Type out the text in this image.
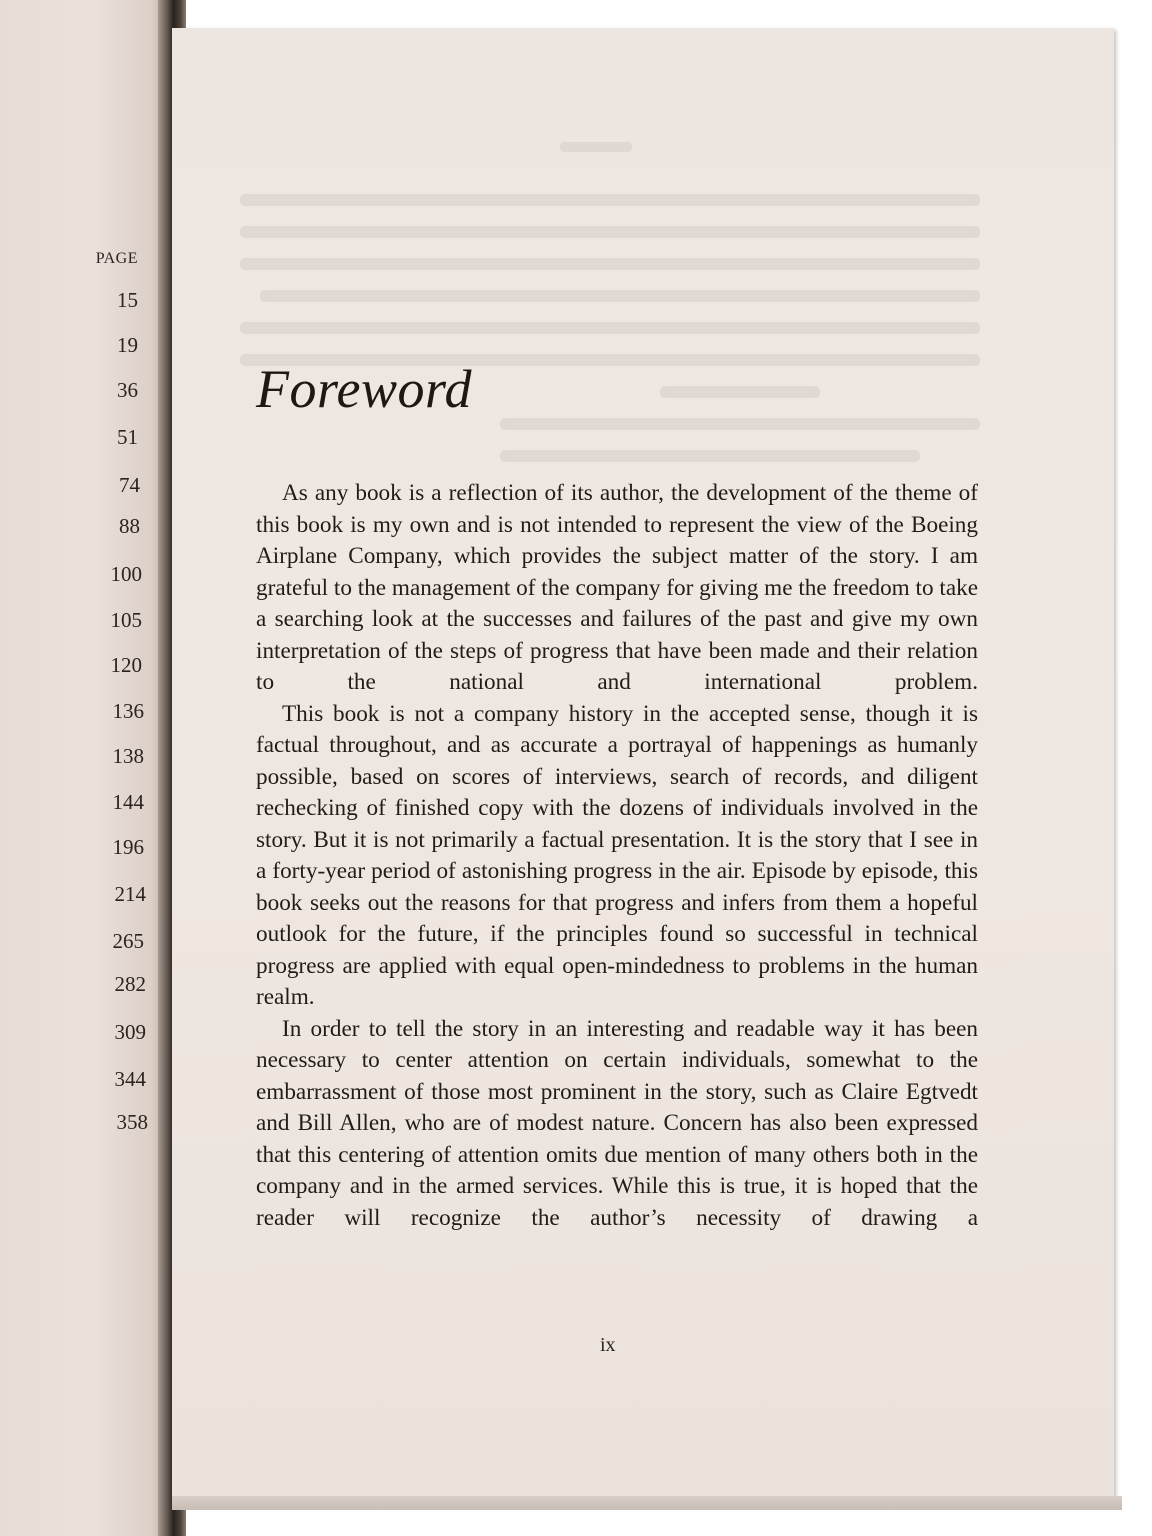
PAGE
15
19
36
51
74
88
100
105
120
136
138
144
196
214
265
282
309
344
358
Foreword

As any book is a reflection of its author, the development of the theme of this book is my own and is not intended to represent the view of the Boeing Airplane Company, which provides the subject matter of the story. I am grateful to the management of the company for giving me the freedom to take a searching look at the successes and failures of the past and give my own interpretation of the steps of progress that have been made and their relation to the national and international problem.

This book is not a company history in the accepted sense, though it is factual throughout, and as accurate a portrayal of happenings as humanly possible, based on scores of interviews, search of records, and diligent rechecking of finished copy with the dozens of individuals involved in the story. But it is not primarily a factual presentation. It is the story that I see in a forty-year period of astonishing progress in the air. Episode by episode, this book seeks out the reasons for that progress and infers from them a hopeful outlook for the future, if the principles found so successful in technical progress are applied with equal open-mindedness to problems in the human realm.

In order to tell the story in an interesting and readable way it has been necessary to center attention on certain individuals, somewhat to the embarrassment of those most prominent in the story, such as Claire Egtvedt and Bill Allen, who are of modest nature. Concern has also been expressed that this centering of attention omits due mention of many others both in the company and in the armed services. While this is true, it is hoped that the reader will recognize the author’s necessity of drawing a

ix
